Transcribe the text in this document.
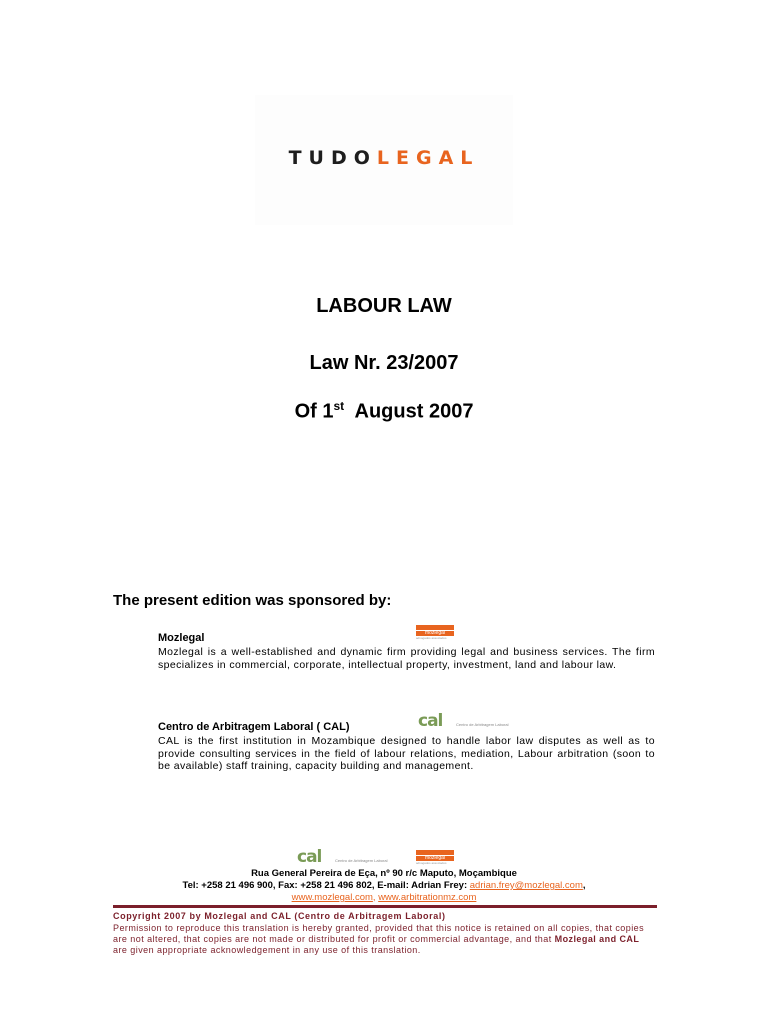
TUDOLEGAL
LABOUR LAW
Law Nr. 23/2007
Of 1st  August 2007
The present edition was sponsored by:
mozlegal
advogados associados
Mozlegal
Mozlegal is a well-established and dynamic firm providing legal and business services. The firm specializes in commercial, corporate, intellectual property, investment, land and labour law.
cal	Centro de Arbitragem Laboral
Centro de Arbitragem Laboral ( CAL)
CAL is the first institution in Mozambique designed to handle labor law disputes as well as to provide consulting services in the field of labour relations, mediation, Labour arbitration (soon to be available) staff training, capacity building and management.
cal	Centro de Arbitragem Laboral	mozlegal
advogados associados
Rua General Pereira de Eça, nº 90 r/c Maputo, Moçambique
Tel: +258 21 496 900, Fax: +258 21 496 802, E-mail: Adrian Frey: adrian.frey@mozlegal.com,
www.mozlegal.com, www.arbitrationmz.com
Copyright 2007 by Mozlegal and CAL (Centro de Arbitragem Laboral)
Permission to reproduce this translation is hereby granted, provided that this notice is retained on all copies, that copies are not altered, that copies are not made or distributed for profit or commercial advantage, and that Mozlegal and CAL are given appropriate acknowledgement in any use of this translation.
